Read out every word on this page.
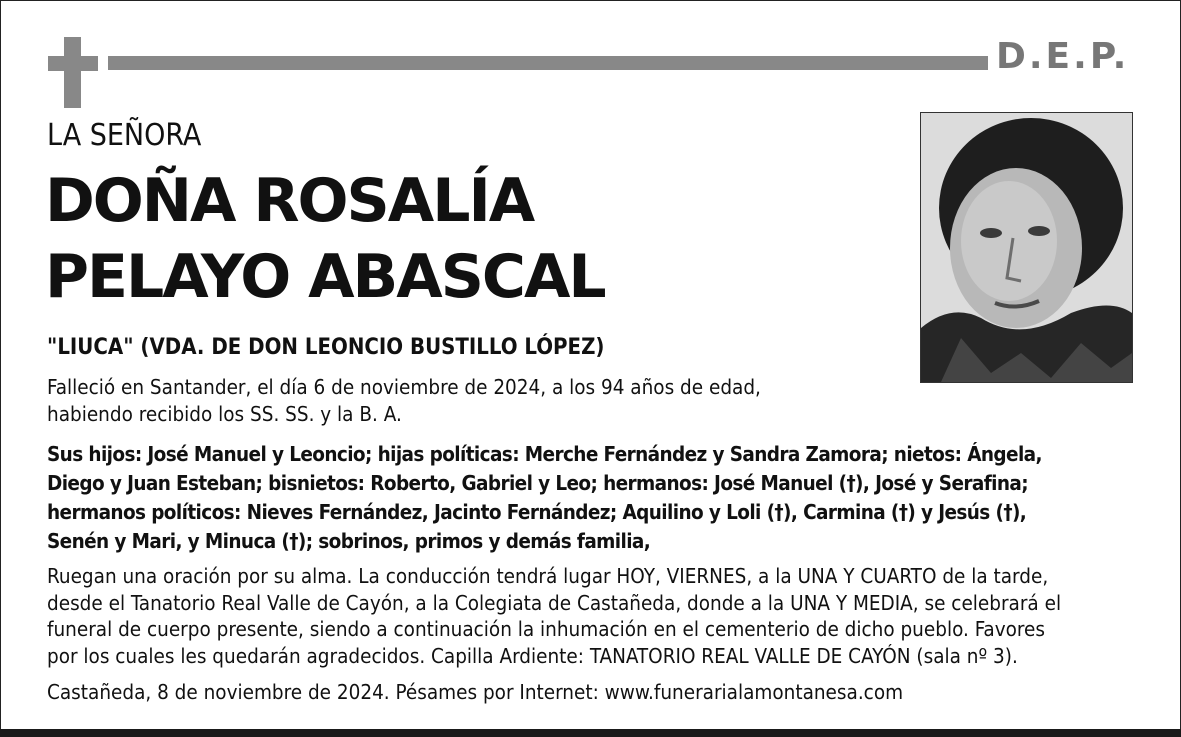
D.E.P.
LA SEÑORA
DOÑA ROSALÍA
PELAYO ABASCAL
"LIUCA" (VDA. DE DON LEONCIO BUSTILLO LÓPEZ)
Falleció en Santander, el día 6 de noviembre de 2024, a los 94 años de edad,
habiendo recibido los SS. SS. y la B. A.
Sus hijos: José Manuel y Leoncio; hijas políticas: Merche Fernández y Sandra Zamora; nietos: Ángela,
Diego y Juan Esteban; bisnietos: Roberto, Gabriel y Leo; hermanos: José Manuel (†), José y Serafina;
hermanos políticos: Nieves Fernández, Jacinto Fernández; Aquilino y Loli (†), Carmina (†) y Jesús (†),
Senén y Mari, y Minuca (†); sobrinos, primos y demás familia,
Ruegan una oración por su alma. La conducción tendrá lugar HOY, VIERNES, a la UNA Y CUARTO de la tarde,
desde el Tanatorio Real Valle de Cayón, a la Colegiata de Castañeda, donde a la UNA Y MEDIA, se celebrará el
funeral de cuerpo presente, siendo a continuación la inhumación en el cementerio de dicho pueblo. Favores
por los cuales les quedarán agradecidos. Capilla Ardiente: TANATORIO REAL VALLE DE CAYÓN (sala nº 3).
Castañeda, 8 de noviembre de 2024. Pésames por Internet: www.funerarialamontanesa.com
